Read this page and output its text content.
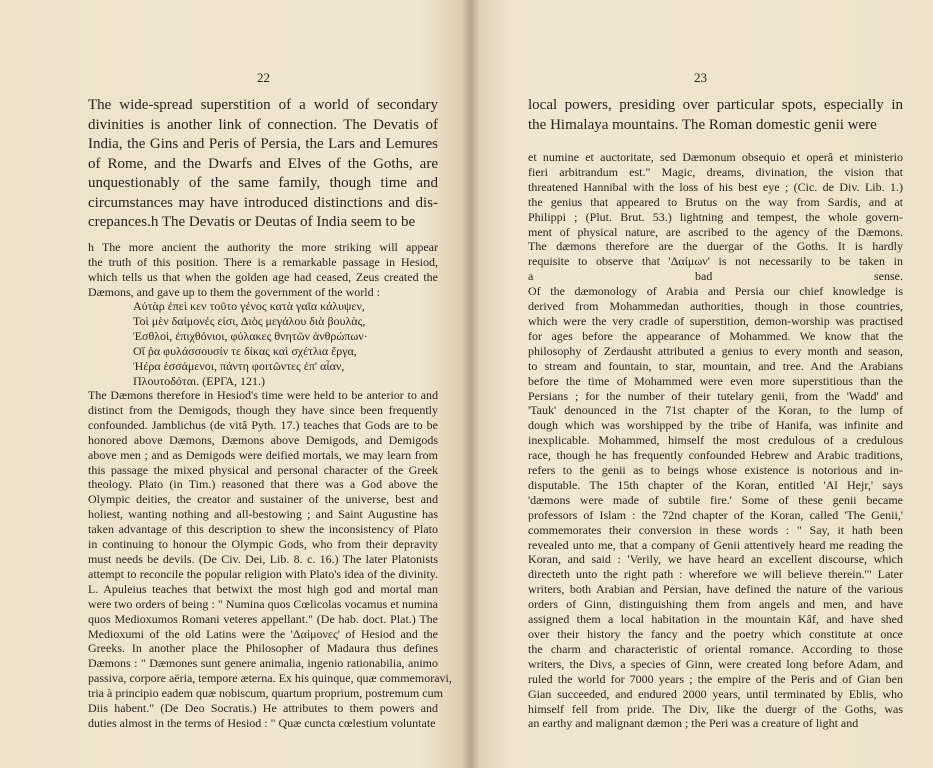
22
The wide-spread superstition of a world of secondary
divinities is another link of connection. The Devatis of
India, the Gins and Peris of Persia, the Lars and Lemures
of Rome, and the Dwarfs and Elves of the Goths, are
unquestionably of the same family, though time and
circumstances may have introduced distinctions and dis-
crepances.h The Devatis or Deutas of India seem to be
h The more ancient the authority the more striking will appear
the truth of this position. There is a remarkable passage in Hesiod,
which tells us that when the golden age had ceased, Zeus created the
Dæmons, and gave up to them the government of the world :
Αὐτὰρ ἐπεὶ κεν τοῦτο γένος κατὰ γαῖα κάλυψεν,
Τοὶ μὲν δαίμονές εἰσι, Διὸς μεγάλου διὰ βουλὰς,
Ἐσθλοὶ, ἐπιχθόνιοι, φύλακες θνητῶν ἀνθρώπων·
Οἵ ῥα φυλάσσουσίν τε δίκας καὶ σχέτλια ἔργα,
Ἠέρα ἑσσάμενοι, πάντη φοιτῶντες ἐπ' αἶαν,
Πλουτοδόται. (ΕΡΓΑ, 121.)
The Dæmons therefore in Hesiod's time were held to be anterior to and
distinct from the Demigods, though they have since been frequently
confounded. Jamblichus (de vitâ Pyth. 17.) teaches that Gods are to be
honored above Dæmons, Dæmons above Demigods, and Demigods
above men ; and as Demigods were deified mortals, we may learn from
this passage the mixed physical and personal character of the Greek
theology. Plato (in Tim.) reasoned that there was a God above the
Olympic deities, the creator and sustainer of the universe, best and
holiest, wanting nothing and all-bestowing ; and Saint Augustine has
taken advantage of this description to shew the inconsistency of Plato
in continuing to honour the Olympic Gods, who from their depravity
must needs be devils. (De Civ. Dei, Lib. 8. c. 16.) The later Platonists
attempt to reconcile the popular religion with Plato's idea of the divinity.
L. Apuleius teaches that betwixt the most high god and mortal man
were two orders of being : " Numina quos Cœlicolas vocamus et numina
quos Medioxumos Romani veteres appellant." (De hab. doct. Plat.) The
Medioxumi of the old Latins were the 'Δαίμονες' of Hesiod and the
Greeks. In another place the Philosopher of Madaura thus defines
Dæmons : " Dæmones sunt genere animalia, ingenio rationabilia, animo
passiva, corpore aëria, tempore æterna. Ex his quinque, quæ commemoravi,
tria à principio eadem quæ nobiscum, quartum proprium, postremum cum
Diis habent." (De Deo Socratis.) He attributes to them powers and
duties almost in the terms of Hesiod : " Quæ cuncta cœlestium voluntate
23
local powers, presiding over particular spots, especially in
the Himalaya mountains. The Roman domestic genii were
et numine et auctoritate, sed Dæmonum obsequio et operâ et ministerio
fieri arbitrandum est." Magic, dreams, divination, the vision that
threatened Hannibal with the loss of his best eye ; (Cic. de Div. Lib. 1.)
the genius that appeared to Brutus on the way from Sardis, and at
Philippi ; (Plut. Brut. 53.) lightning and tempest, the whole govern-
ment of physical nature, are ascribed to the agency of the Dæmons.
The dæmons therefore are the duergar of the Goths. It is hardly
requisite to observe that 'Δαίμων' is not necessarily to be taken in
a bad sense.
Of the dæmonology of Arabia and Persia our chief knowledge is
derived from Mohammedan authorities, though in those countries,
which were the very cradle of superstition, demon-worship was practised
for ages before the appearance of Mohammed. We know that the
philosophy of Zerdausht attributed a genius to every month and season,
to stream and fountain, to star, mountain, and tree. And the Arabians
before the time of Mohammed were even more superstitious than the
Persians ; for the number of their tutelary genii, from the 'Wadd' and
'Tauk' denounced in the 71st chapter of the Koran, to the lump of
dough which was worshipped by the tribe of Hanifa, was infinite and
inexplicable. Mohammed, himself the most credulous of a credulous
race, though he has frequently confounded Hebrew and Arabic traditions,
refers to the genii as to beings whose existence is notorious and in-
disputable. The 15th chapter of the Koran, entitled 'Al Hejr,' says
'dæmons were made of subtile fire.' Some of these genii became
professors of Islam : the 72nd chapter of the Koran, called 'The Genii,'
commemorates their conversion in these words : " Say, it hath been
revealed unto me, that a company of Genii attentively heard me reading the
Koran, and said : 'Verily, we have heard an excellent discourse, which
directeth unto the right path : wherefore we will believe therein.'" Later
writers, both Arabian and Persian, have defined the nature of the various
orders of Ginn, distinguishing them from angels and men, and have
assigned them a local habitation in the mountain Kâf, and have shed
over their history the fancy and the poetry which constitute at once
the charm and characteristic of oriental romance. According to those
writers, the Divs, a species of Ginn, were created long before Adam, and
ruled the world for 7000 years ; the empire of the Peris and of Gian ben
Gian succeeded, and endured 2000 years, until terminated by Eblis, who
himself fell from pride. The Div, like the duergr of the Goths, was
an earthy and malignant dæmon ; the Peri was a creature of light and
